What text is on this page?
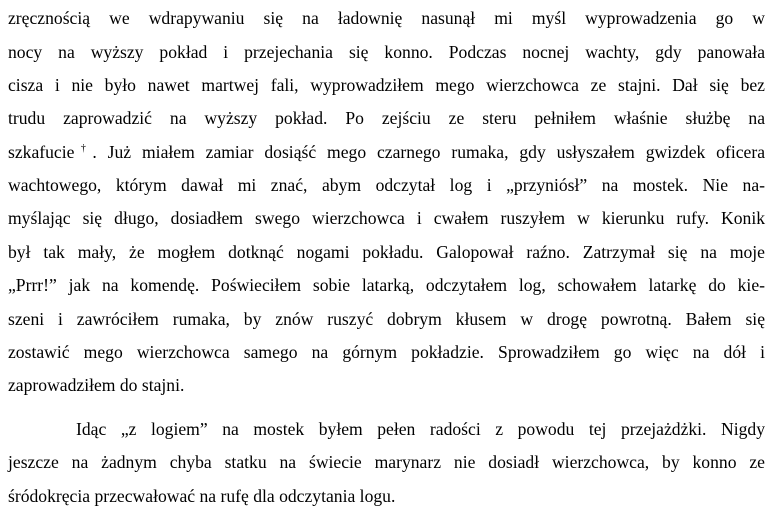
zręcznością we wdrapywaniu się na ładownię nasunął mi myśl wyprowadzenia go w
nocy na wyższy pokład i przejechania się konno. Podczas nocnej wachty, gdy panowała
cisza i nie było nawet martwej fali, wyprowadziłem mego wierzchowca ze stajni. Dał się bez
trudu zaprowadzić na wyższy pokład. Po zejściu ze steru pełniłem właśnie służbę na
szkafucie†. Już miałem zamiar dosiąść mego czarnego rumaka, gdy usłyszałem gwizdek oficera
wachtowego, którym dawał mi znać, abym odczytał log i „przyniósł” na mostek. Nie na-
myślając się długo, dosiadłem swego wierzchowca i cwałem ruszyłem w kierunku rufy. Konik
był tak mały, że mogłem dotknąć nogami pokładu. Galopował raźno. Zatrzymał się na moje
„Prrr!” jak na komendę. Poświeciłem sobie latarką, odczytałem log, schowałem latarkę do kie-
szeni i zawróciłem rumaka, by znów ruszyć dobrym kłusem w drogę powrotną. Bałem się
zostawić mego wierzchowca samego na górnym pokładzie. Sprowadziłem go więc na dół i
zaprowadziłem do stajni.
Idąc „z logiem” na mostek byłem pełen radości z powodu tej przejażdżki. Nigdy
jeszcze na żadnym chyba statku na świecie marynarz nie dosiadł wierzchowca, by konno ze
śródokręcia przecwałować na rufę dla odczytania logu.
